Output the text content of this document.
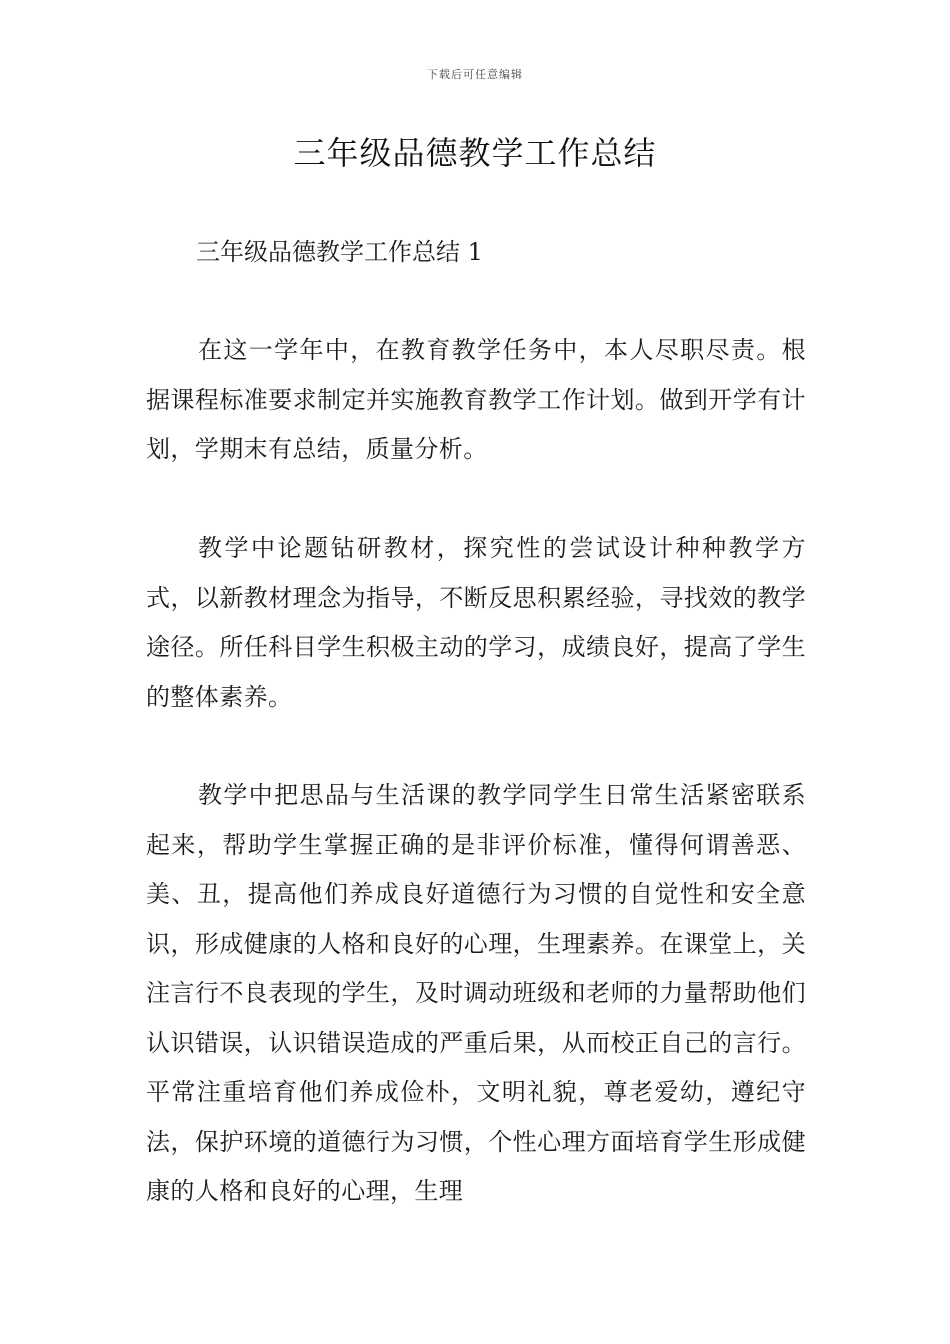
下载后可任意编辑
三年级品德教学工作总结
三年级品德教学工作总结 1

在这一学年中，在教育教学任务中，本人尽职尽责。根据课程标准要求制定并实施教育教学工作计划。做到开学有计划，学期末有总结，质量分析。

教学中论题钻研教材，探究性的尝试设计种种教学方式，以新教材理念为指导，不断反思积累经验，寻找效的教学途径。所任科目学生积极主动的学习，成绩良好，提高了学生的整体素养。

教学中把思品与生活课的教学同学生日常生活紧密联系起来，帮助学生掌握正确的是非评价标准，懂得何谓善恶、美、丑，提高他们养成良好道德行为习惯的自觉性和安全意识，形成健康的人格和良好的心理，生理素养。在课堂上，关注言行不良表现的学生，及时调动班级和老师的力量帮助他们认识错误，认识错误造成的严重后果，从而校正自己的言行。平常注重培育他们养成俭朴，文明礼貌，尊老爱幼，遵纪守法，保护环境的道德行为习惯，个性心理方面培育学生形成健康的人格和良好的心理，生理
